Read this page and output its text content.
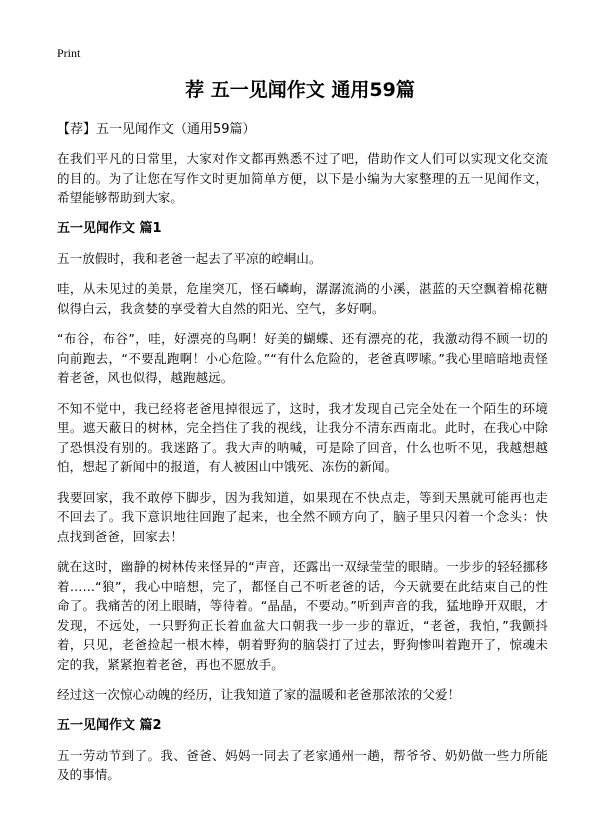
Print
荐 五一见闻作文 通用59篇
【荐】五一见闻作文（通用59篇）

在我们平凡的日常里，大家对作文都再熟悉不过了吧，借助作文人们可以实现文化交流的目的。为了让您在写作文时更加简单方便，以下是小编为大家整理的五一见闻作文，希望能够帮助到大家。

五一见闻作文 篇1

五一放假时，我和老爸一起去了平凉的崆峒山。

哇，从未见过的美景，危崖突兀，怪石嶙峋，潺潺流淌的小溪，湛蓝的天空飘着棉花糖似得白云，我贪婪的享受着大自然的阳光、空气，多好啊。

“布谷，布谷”，哇，好漂亮的鸟啊！好美的蝴蝶、还有漂亮的花，我激动得不顾一切的向前跑去，“不要乱跑啊！小心危险。”“有什么危险的，老爸真啰嗦。”我心里暗暗地责怪着老爸，风也似得，越跑越远。

不知不觉中，我已经将老爸甩掉很远了，这时，我才发现自己完全处在一个陌生的环境里。遮天蔽日的树林，完全挡住了我的视线，让我分不清东西南北。此时，在我心中除了恐惧没有别的。我迷路了。我大声的呐喊，可是除了回音，什么也听不见，我越想越怕，想起了新闻中的报道，有人被困山中饿死、冻伤的新闻。

我要回家，我不敢停下脚步，因为我知道，如果现在不快点走，等到天黑就可能再也走不回去了。我下意识地往回跑了起来，也全然不顾方向了，脑子里只闪着一个念头：快点找到爸爸，回家去！

就在这时，幽静的树林传来怪异的“声音，还露出一双绿莹莹的眼睛。一步步的轻轻挪移着……“狼”，我心中暗想，完了，都怪自己不听老爸的话，今天就要在此结束自己的性命了。我痛苦的闭上眼睛，等待着。“晶晶，不要动。”听到声音的我，猛地睁开双眼，才发现，不远处，一只野狗正长着血盆大口朝我一步一步的靠近，“老爸，我怕，”我颤抖着，只见，老爸捡起一根木棒，朝着野狗的脑袋打了过去，野狗惨叫着跑开了，惊魂未定的我，紧紧抱着老爸，再也不愿放手。

经过这一次惊心动魄的经历，让我知道了家的温暖和老爸那浓浓的父爱！

五一见闻作文 篇2

五一劳动节到了。我、爸爸、妈妈一同去了老家通州一趟，帮爷爷、奶奶做一些力所能及的事情。
